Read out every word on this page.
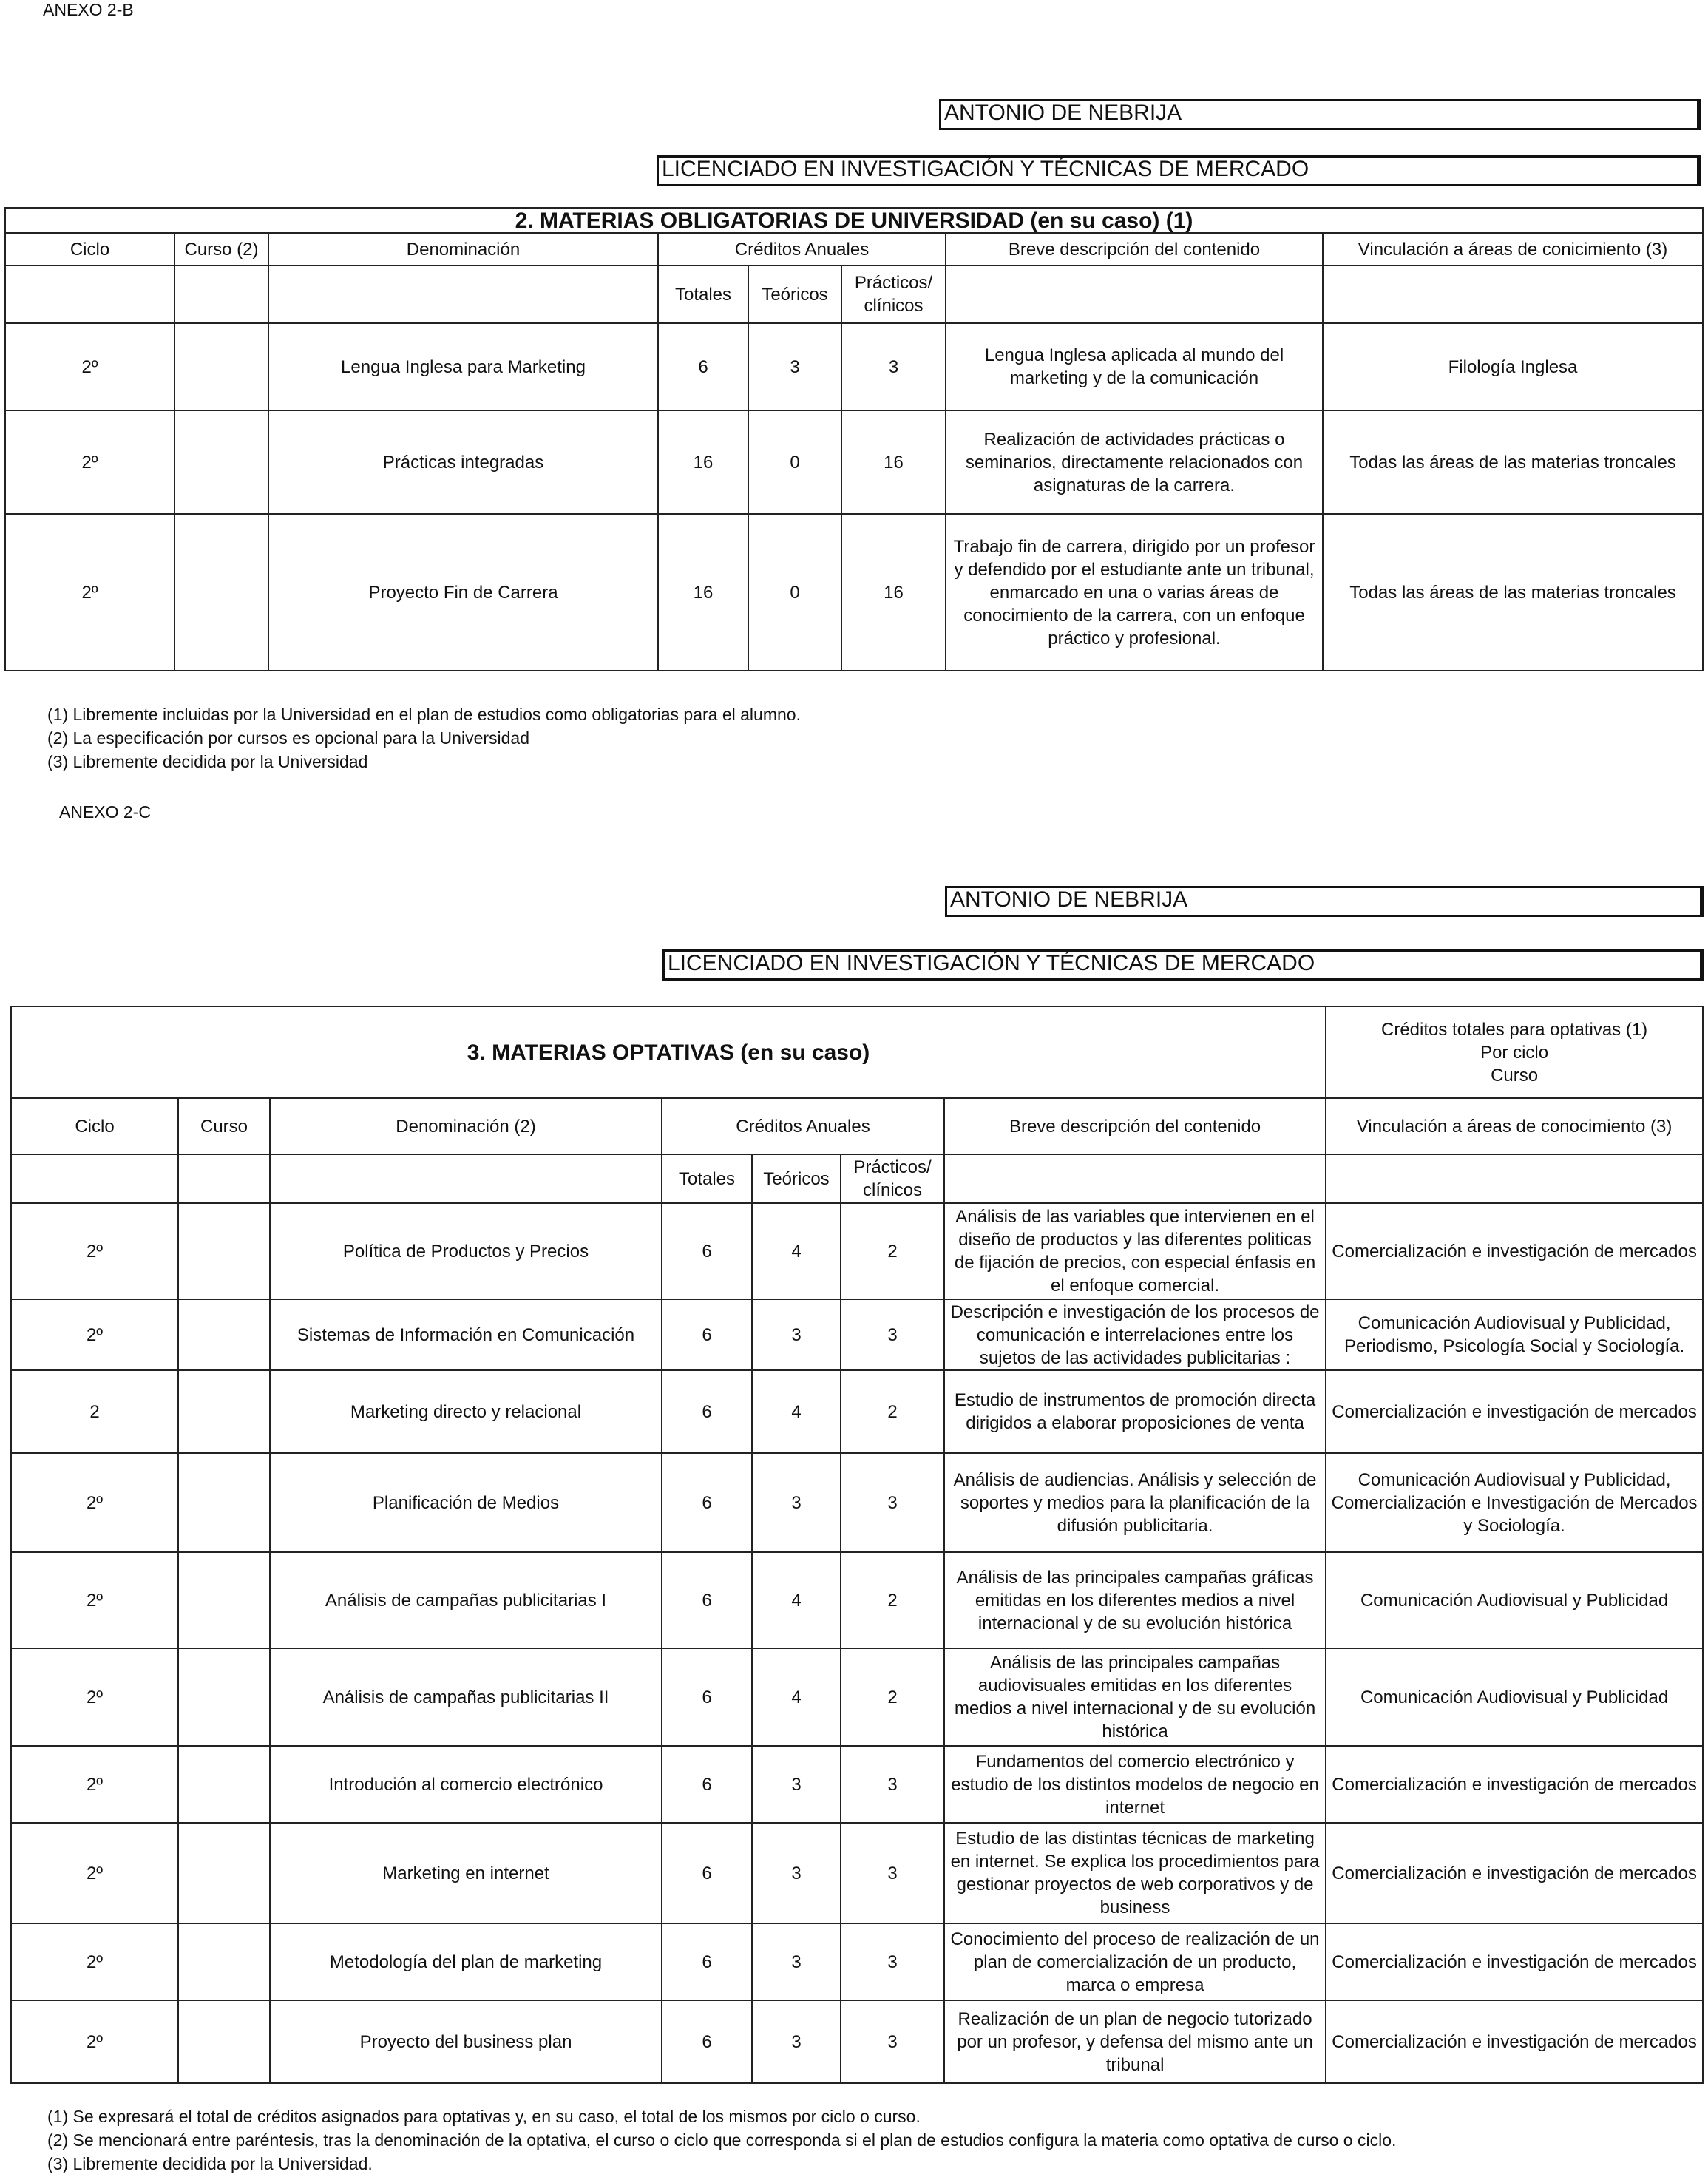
ANEXO 2-B
ANTONIO DE NEBRIJA
LICENCIADO EN INVESTIGACIÓN Y TÉCNICAS DE MERCADO
2. MATERIAS OBLIGATORIAS DE UNIVERSIDAD (en su caso) (1)							
Ciclo	Curso (2)	Denominación	Créditos Anuales			Breve descripción del contenido	Vinculación a áreas de conicimiento (3)
			Totales	Teóricos	Prácticos/ clínicos		
2º		Lengua Inglesa para Marketing	6	3	3	Lengua Inglesa aplicada al mundo del marketing y de la comunicación	Filología Inglesa
2º		Prácticas integradas	16	0	16	Realización de actividades prácticas o seminarios, directamente relacionados con asignaturas de la carrera.	Todas las áreas de las materias troncales
2º		Proyecto Fin de Carrera	16	0	16	Trabajo fin de carrera, dirigido por un profesor y defendido por el estudiante ante un tribunal, enmarcado en una o varias áreas de conocimiento de la carrera, con un enfoque práctico y profesional.	Todas las áreas de las materias troncales
(1) Libremente incluidas por la Universidad en el plan de estudios como obligatorias para el alumno.
(2) La especificación por cursos es opcional para la Universidad
(3) Libremente decidida por la Universidad
ANEXO 2-C
ANTONIO DE NEBRIJA
LICENCIADO EN INVESTIGACIÓN Y TÉCNICAS DE MERCADO
3. MATERIAS OPTATIVAS (en su caso)							Créditos totales para optativas (1)
Por ciclo
Curso

Ciclo	Curso	Denominación (2)	Créditos Anuales			Breve descripción del contenido	Vinculación a áreas de conocimiento (3)
			Totales	Teóricos	Prácticos/ clínicos		
2º		Política de Productos y Precios	6	4	2	Análisis de las variables que intervienen en el diseño de productos y las diferentes politicas de fijación de precios, con especial énfasis en el enfoque comercial.	Comercialización e investigación de mercados
2º		Sistemas de Información en Comunicación	6	3	3	Descripción e investigación de los procesos de comunicación e interrelaciones entre los sujetos de las actividades publicitarias :	Comunicación Audiovisual y Publicidad, Periodismo, Psicología Social y Sociología.
2		Marketing directo y relacional	6	4	2	Estudio de instrumentos de promoción directa dirigidos a elaborar proposiciones de venta	Comercialización e investigación de mercados
2º		Planificación de Medios	6	3	3	Análisis de audiencias. Análisis y selección de soportes y medios para la planificación de la difusión publicitaria.	Comunicación Audiovisual y Publicidad, Comercialización e Investigación de Mercados y Sociología.
2º		Análisis de campañas publicitarias I	6	4	2	Análisis de las principales campañas gráficas emitidas en los diferentes medios a nivel internacional y de su evolución histórica	Comunicación Audiovisual y Publicidad
2º		Análisis de campañas publicitarias II	6	4	2	Análisis de las principales campañas audiovisuales emitidas en los diferentes medios a nivel internacional y de su evolución histórica	Comunicación Audiovisual y Publicidad
2º		Introdución al comercio electrónico	6	3	3	Fundamentos del comercio electrónico y estudio de los distintos modelos de negocio en internet	Comercialización e investigación de mercados
2º		Marketing en internet	6	3	3	Estudio de las distintas técnicas de marketing en internet. Se explica los procedimientos para gestionar proyectos de web corporativos y de business	Comercialización e investigación de mercados
2º		Metodología del plan de marketing	6	3	3	Conocimiento del proceso de realización de un plan de comercialización de un producto, marca o empresa	Comercialización e investigación de mercados
2º		Proyecto del business plan	6	3	3	Realización de un plan de negocio tutorizado por un profesor, y defensa del mismo ante un tribunal	Comercialización e investigación de mercados
(1) Se expresará el total de créditos asignados para optativas y, en su caso, el total de los mismos por ciclo o curso.
(2) Se mencionará entre paréntesis, tras la denominación de la optativa, el curso o ciclo que corresponda si el plan de estudios configura la materia como optativa de curso o ciclo.
(3) Libremente decidida por la Universidad.
